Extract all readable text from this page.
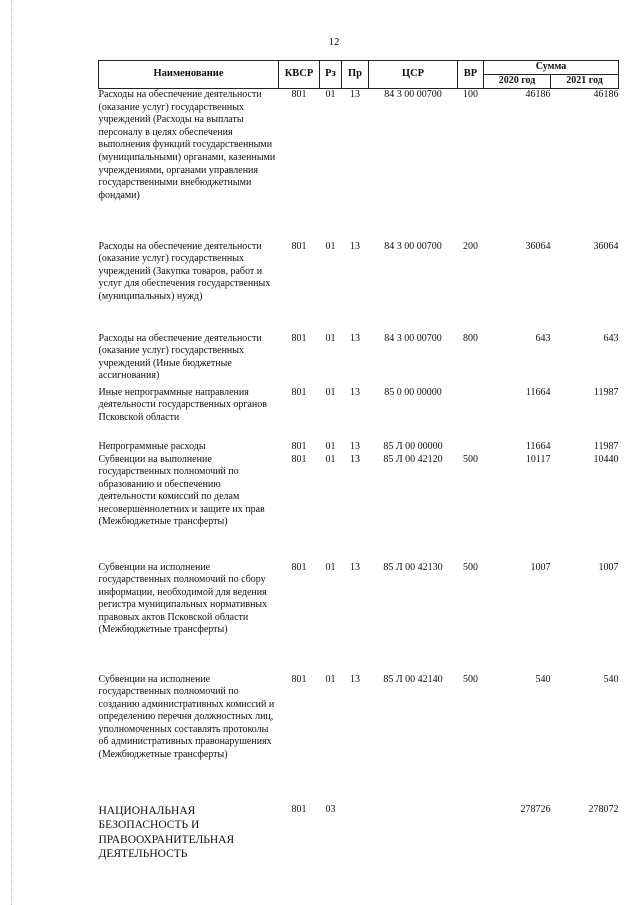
12
Наименование	КВСР	Рз	Пр	ЦСР	ВР	Сумма	
						2020 год	2021 год
Расходы на обеспечение деятельности (оказание услуг) государственных учреждений (Расходы на выплаты персоналу в целях обеспечения выполнения функций государственными (муниципальными) органами, казенными учреждениями, органами управления государственными внебюджетными фондами)	801	01	13	84 3 00 00700	100	46186	46186
Расходы на обеспечение деятельности (оказание услуг) государственных учреждений (Закупка товаров, работ и услуг для обеспечения государственных (муниципальных) нужд)	801	01	13	84 3 00 00700	200	36064	36064
Расходы на обеспечение деятельности (оказание услуг) государственных учреждений (Иные бюджетные ассигнования)	801	01	13	84 3 00 00700	800	643	643
Иные непрограммные направления деятельности государственных органов Псковской области	801	01	13	85 0 00 00000		11664	11987
Непрограммные расходы	801	01	13	85 Л 00 00000		11664	11987
Субвенции на выполнение государственных полномочий по образованию и обеспечению деятельности комиссий по делам несовершеннолетних и защите их прав (Межбюджетные трансферты)	801	01	13	85 Л 00 42120	500	10117	10440
Субвенции на исполнение государственных полномочий по сбору информации, необходимой для ведения регистра муниципальных нормативных правовых актов Псковской области (Межбюджетные трансферты)	801	01	13	85 Л 00 42130	500	1007	1007
Субвенции на исполнение государственных полномочий по созданию административных комиссий и определению перечня должностных лиц, уполномоченных составлять протоколы об административных правонарушениях (Межбюджетные трансферты)	801	01	13	85 Л 00 42140	500	540	540
НАЦИОНАЛЬНАЯ БЕЗОПАСНОСТЬ И ПРАВООХРАНИТЕЛЬНАЯ ДЕЯТЕЛЬНОСТЬ	801	03				278726	278072
